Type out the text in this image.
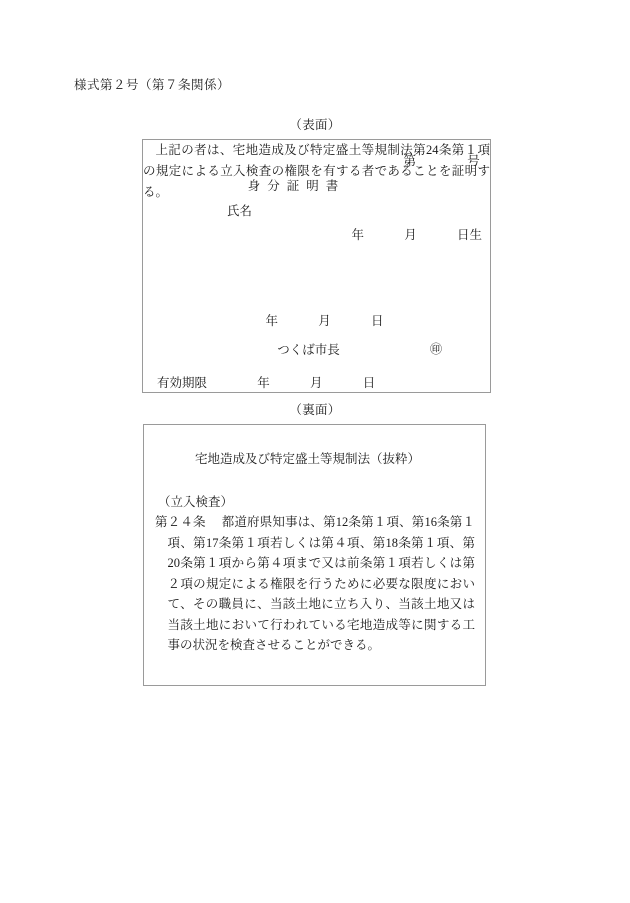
様式第２号（第７条関係）
（表面）
第	号
身分証明書
氏名
年	月	日生
上記の者は、宅地造成及び特定盛土等規制法第24条第１項の規定による立入検査の権限を有する者であることを証明する。
年	月	日
つくば市長	㊞
有効期限	年	月	日
（裏面）
宅地造成及び特定盛土等規制法（抜粋）
（立入検査）
第２４条 　 都道府県知事は、第12条第１項、第16条第１項、第17条第１項若しくは第４項、第18条第１項、第20条第１項から第４項まで又は前条第１項若しくは第２項の規定による権限を行うために必要な限度において、その職員に、当該土地に立ち入り、当該土地又は当該土地において行われている宅地造成等に関する工事の状況を検査させることができる。
